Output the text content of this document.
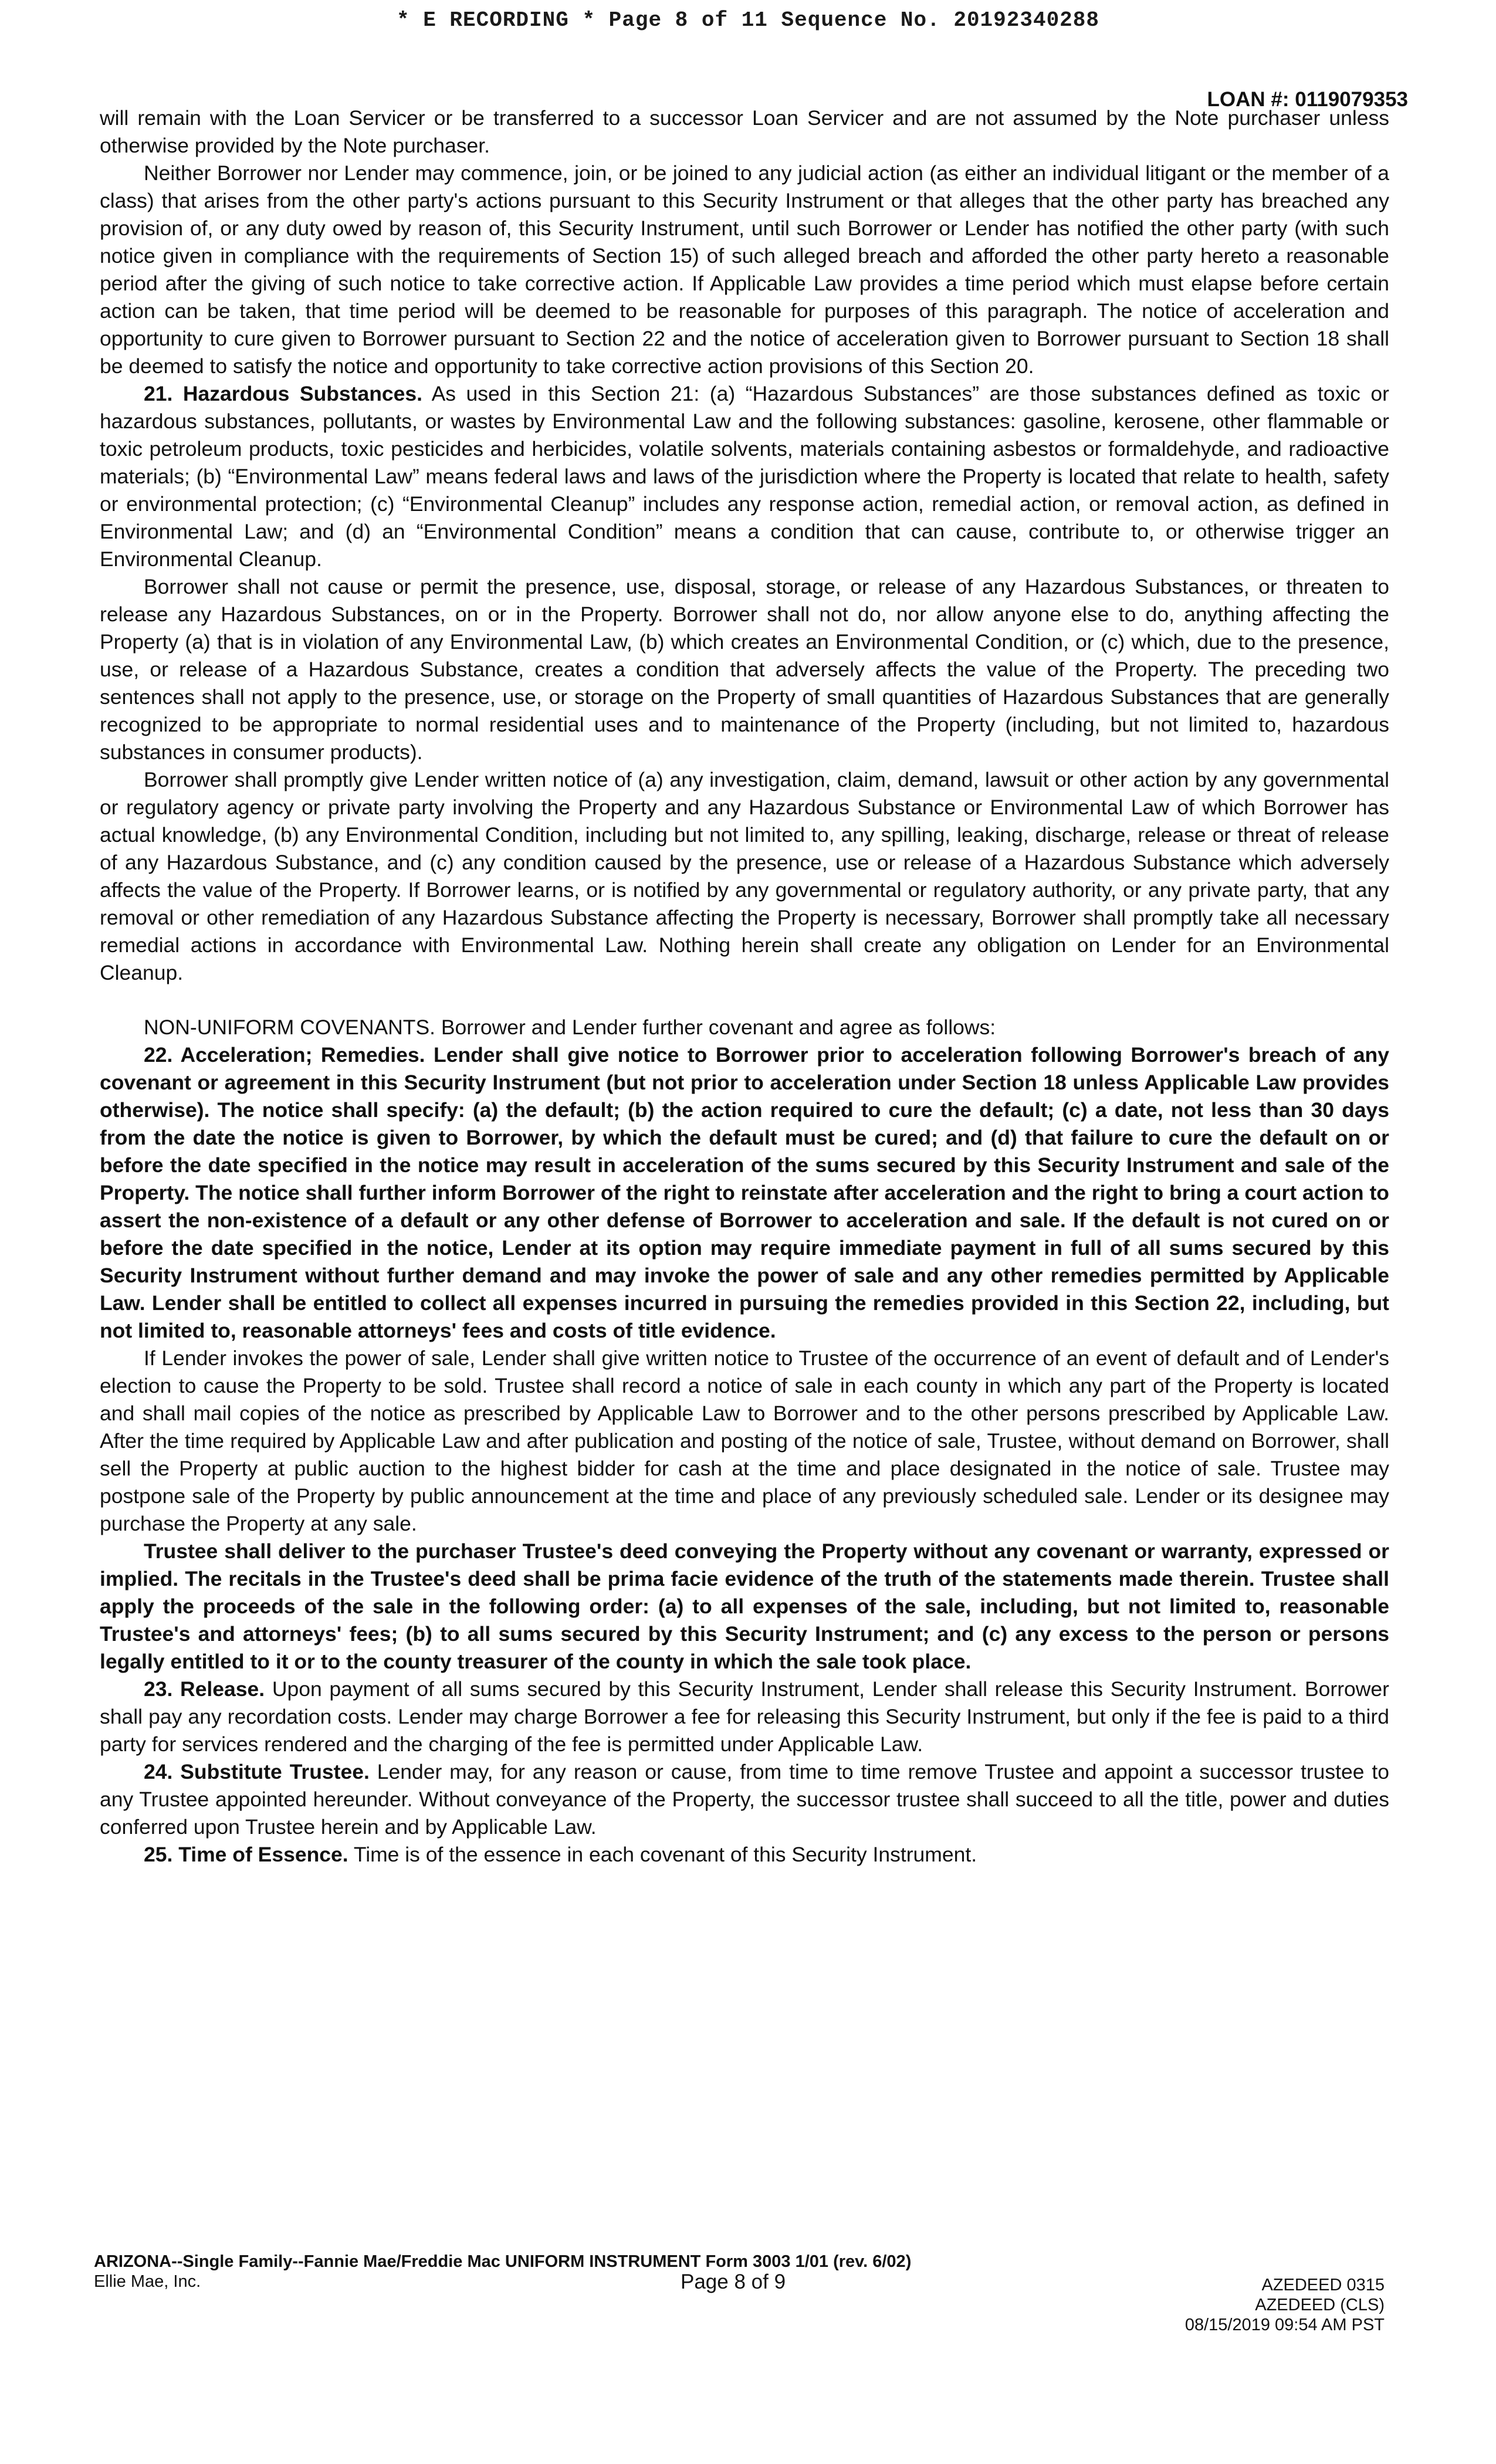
* E RECORDING * Page 8 of 11 Sequence No. 20192340288
LOAN #: 0119079353

will remain with the Loan Servicer or be transferred to a successor Loan Servicer and are not assumed by the Note purchaser unless otherwise provided by the Note purchaser.

Neither Borrower nor Lender may commence, join, or be joined to any judicial action (as either an individual litigant or the member of a class) that arises from the other party's actions pursuant to this Security Instrument or that alleges that the other party has breached any provision of, or any duty owed by reason of, this Security Instrument, until such Borrower or Lender has notified the other party (with such notice given in compliance with the requirements of Section 15) of such alleged breach and afforded the other party hereto a reasonable period after the giving of such notice to take corrective action. If Applicable Law provides a time period which must elapse before certain action can be taken, that time period will be deemed to be reasonable for purposes of this paragraph. The notice of acceleration and opportunity to cure given to Borrower pursuant to Section 22 and the notice of acceleration given to Borrower pursuant to Section 18 shall be deemed to satisfy the notice and opportunity to take corrective action provisions of this Section 20.

21. Hazardous Substances. As used in this Section 21: (a) “Hazardous Substances” are those substances defined as toxic or hazardous substances, pollutants, or wastes by Environmental Law and the following substances: gasoline, kerosene, other flammable or toxic petroleum products, toxic pesticides and herbicides, volatile solvents, materials containing asbestos or formaldehyde, and radioactive materials; (b) “Environmental Law” means federal laws and laws of the jurisdiction where the Property is located that relate to health, safety or environmental protection; (c) “Environmental Cleanup” includes any response action, remedial action, or removal action, as defined in Environmental Law; and (d) an “Environmental Condition” means a condition that can cause, contribute to, or otherwise trigger an Environmental Cleanup.

Borrower shall not cause or permit the presence, use, disposal, storage, or release of any Hazardous Substances, or threaten to release any Hazardous Substances, on or in the Property. Borrower shall not do, nor allow anyone else to do, anything affecting the Property (a) that is in violation of any Environmental Law, (b) which creates an Environmental Condition, or (c) which, due to the presence, use, or release of a Hazardous Substance, creates a condition that adversely affects the value of the Property. The preceding two sentences shall not apply to the presence, use, or storage on the Property of small quantities of Hazardous Substances that are generally recognized to be appropriate to normal residential uses and to maintenance of the Property (including, but not limited to, hazardous substances in consumer products).

Borrower shall promptly give Lender written notice of (a) any investigation, claim, demand, lawsuit or other action by any governmental or regulatory agency or private party involving the Property and any Hazardous Substance or Environmental Law of which Borrower has actual knowledge, (b) any Environmental Condition, including but not limited to, any spilling, leaking, discharge, release or threat of release of any Hazardous Substance, and (c) any condition caused by the presence, use or release of a Hazardous Substance which adversely affects the value of the Property. If Borrower learns, or is notified by any governmental or regulatory authority, or any private party, that any removal or other remediation of any Hazardous Substance affecting the Property is necessary, Borrower shall promptly take all necessary remedial actions in accordance with Environmental Law. Nothing herein shall create any obligation on Lender for an Environmental Cleanup.

NON-UNIFORM COVENANTS. Borrower and Lender further covenant and agree as follows:

22. Acceleration; Remedies. Lender shall give notice to Borrower prior to acceleration following Borrower's breach of any covenant or agreement in this Security Instrument (but not prior to acceleration under Section 18 unless Applicable Law provides otherwise). The notice shall specify: (a) the default; (b) the action required to cure the default; (c) a date, not less than 30 days from the date the notice is given to Borrower, by which the default must be cured; and (d) that failure to cure the default on or before the date specified in the notice may result in acceleration of the sums secured by this Security Instrument and sale of the Property. The notice shall further inform Borrower of the right to reinstate after acceleration and the right to bring a court action to assert the non-existence of a default or any other defense of Borrower to acceleration and sale. If the default is not cured on or before the date specified in the notice, Lender at its option may require immediate payment in full of all sums secured by this Security Instrument without further demand and may invoke the power of sale and any other remedies permitted by Applicable Law. Lender shall be entitled to collect all expenses incurred in pursuing the remedies provided in this Section 22, including, but not limited to, reasonable attorneys' fees and costs of title evidence.

If Lender invokes the power of sale, Lender shall give written notice to Trustee of the occurrence of an event of default and of Lender's election to cause the Property to be sold. Trustee shall record a notice of sale in each county in which any part of the Property is located and shall mail copies of the notice as prescribed by Applicable Law to Borrower and to the other persons prescribed by Applicable Law. After the time required by Applicable Law and after publication and posting of the notice of sale, Trustee, without demand on Borrower, shall sell the Property at public auction to the highest bidder for cash at the time and place designated in the notice of sale. Trustee may postpone sale of the Property by public announcement at the time and place of any previously scheduled sale. Lender or its designee may purchase the Property at any sale.

Trustee shall deliver to the purchaser Trustee's deed conveying the Property without any covenant or warranty, expressed or implied. The recitals in the Trustee's deed shall be prima facie evidence of the truth of the statements made therein. Trustee shall apply the proceeds of the sale in the following order: (a) to all expenses of the sale, including, but not limited to, reasonable Trustee's and attorneys' fees; (b) to all sums secured by this Security Instrument; and (c) any excess to the person or persons legally entitled to it or to the county treasurer of the county in which the sale took place.

23. Release. Upon payment of all sums secured by this Security Instrument, Lender shall release this Security Instrument. Borrower shall pay any recordation costs. Lender may charge Borrower a fee for releasing this Security Instrument, but only if the fee is paid to a third party for services rendered and the charging of the fee is permitted under Applicable Law.

24. Substitute Trustee. Lender may, for any reason or cause, from time to time remove Trustee and appoint a successor trustee to any Trustee appointed hereunder. Without conveyance of the Property, the successor trustee shall succeed to all the title, power and duties conferred upon Trustee herein and by Applicable Law.

25. Time of Essence. Time is of the essence in each covenant of this Security Instrument.

ARIZONA--Single Family--Fannie Mae/Freddie Mac UNIFORM INSTRUMENT Form 3003 1/01 (rev. 6/02)
Ellie Mae, Inc.	Page 8 of 9	AZEDEED 0315
AZEDEED (CLS)
08/15/2019 09:54 AM PST
